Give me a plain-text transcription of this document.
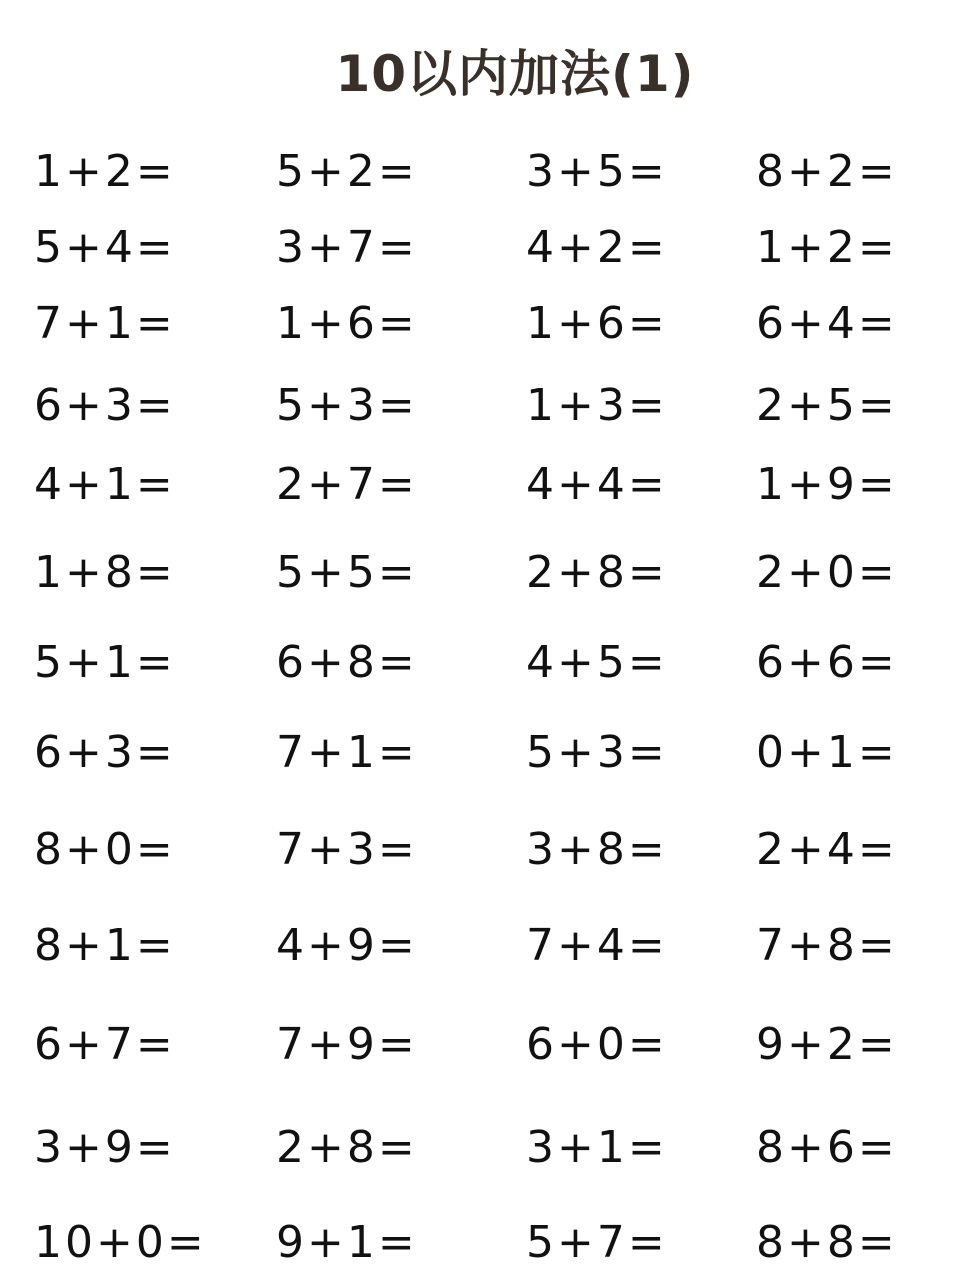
10以内加法(1)
1+2= 5+2= 3+5= 8+2=
5+4= 3+7= 4+2= 1+2=
7+1= 1+6= 1+6= 6+4=
6+3= 5+3= 1+3= 2+5=
4+1= 2+7= 4+4= 1+9=
1+8= 5+5= 2+8= 2+0=
5+1= 6+8= 4+5= 6+6=
6+3= 7+1= 5+3= 0+1=
8+0= 7+3= 3+8= 2+4=
8+1= 4+9= 7+4= 7+8=
6+7= 7+9= 6+0= 9+2=
3+9= 2+8= 3+1= 8+6=
10+0= 9+1= 5+7= 8+8=
